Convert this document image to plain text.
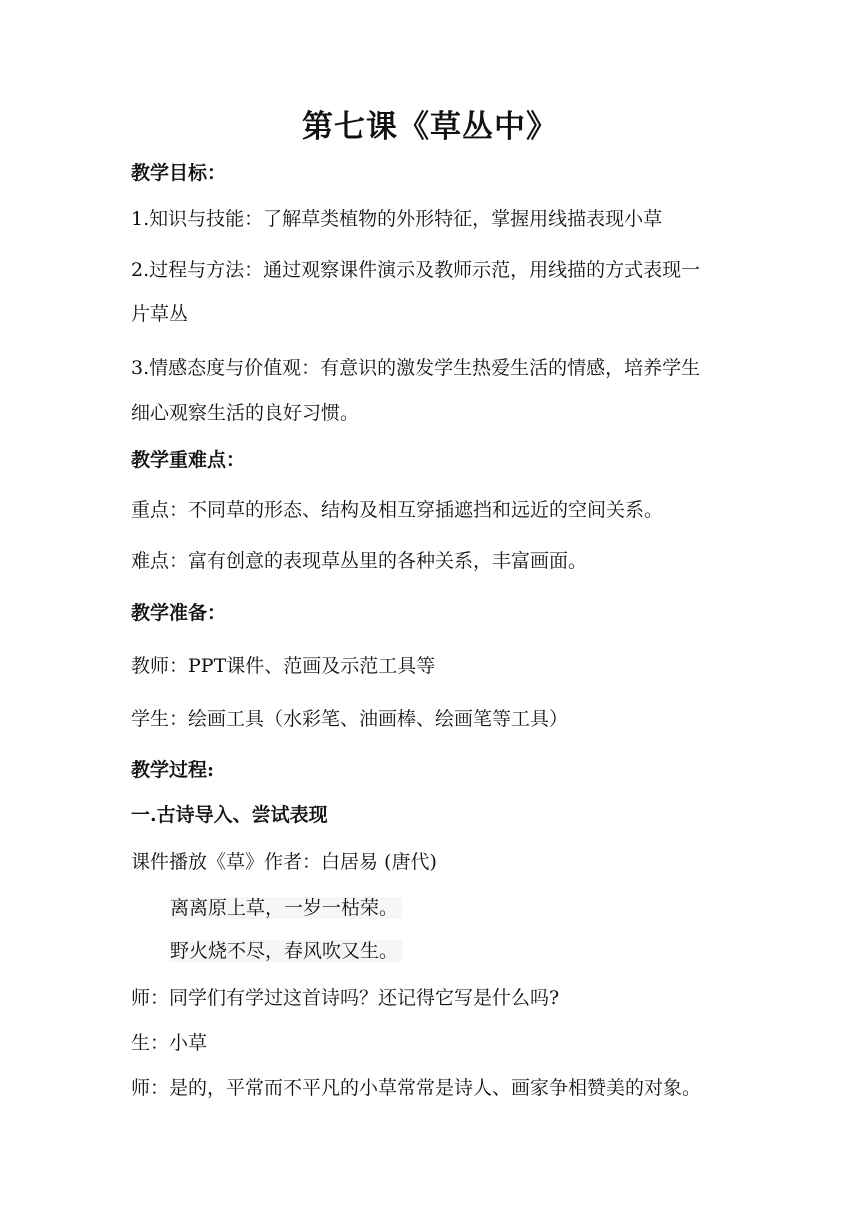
第七课《草丛中》
教学目标：
1.知识与技能：了解草类植物的外形特征，掌握用线描表现小草
2.过程与方法：通过观察课件演示及教师示范，用线描的方式表现一
片草丛
3.情感态度与价值观：有意识的激发学生热爱生活的情感，培养学生
细心观察生活的良好习惯。
教学重难点：
重点：不同草的形态、结构及相互穿插遮挡和远近的空间关系。
难点：富有创意的表现草丛里的各种关系，丰富画面。
教学准备：
教师：PPT课件、范画及示范工具等
学生：绘画工具（水彩笔、油画棒、绘画笔等工具）
教学过程:
一.古诗导入、尝试表现
课件播放《草》作者：白居易 (唐代)
离离原上草，一岁一枯荣。
野火烧不尽，春风吹又生。
师：同学们有学过这首诗吗？还记得它写是什么吗?
生：小草
师：是的，平常而不平凡的小草常常是诗人、画家争相赞美的对象。
